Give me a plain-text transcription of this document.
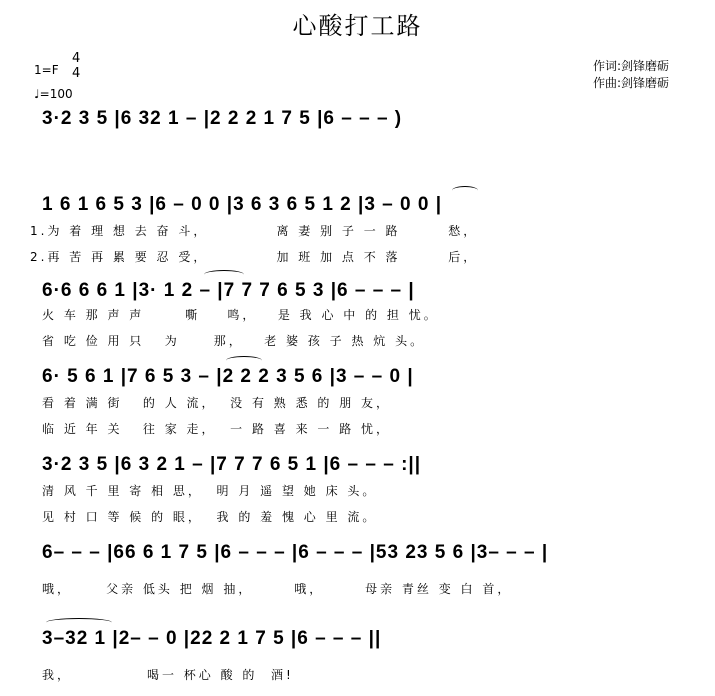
心酸打工路
1=F
4
4
♩=100
作词:剑锋磨砺
作曲:剑锋磨砺
3·2 3 5 |6 32 1 – |2 2 2 1 7 5 |6 – – – )
1 6 1 6 5 3 |6 – 0 0 |3 6 3 6 5 1 2 |3 – 0 0 |
1.为 着 理 想 去 奋 斗，          离 妻 别 子 一 路       愁，
2.再 苦 再 累 要 忍 受，          加 班 加 点 不 落       后，
6·6 6 6 1 |3· 1 2 – |7 7 7 6 5 3 |6 – – – |
火 车 那 声 声      嘶    鸣，   是 我 心 中 的 担 忧。
省 吃 俭 用 只   为     那，   老 婆 孩 子 热 炕 头。
6· 5 6 1 |7 6 5 3 – |2 2 2 3 5 6 |3 – – 0 |
看 着 满 街   的 人 流，  没 有 熟 悉 的 朋 友，
临 近 年 关   往 家 走，  一 路 喜 来 一 路 忧，
3·2 3 5 |6 3 2 1 – |7 7 7 6 5 1 |6 – – – :||
清 风 千 里 寄 相 思，  明 月 遥 望 她 床 头。
见 村 口 等 候 的 眼，  我 的 羞 愧 心 里 流。
6– – – |66 6 1 7 5 |6 – – – |6 – – – |53 23 5 6 |3– – – |
哦，     父亲 低头 把 烟 抽，      哦，      母亲 青丝 变 白 首，
3–32 1 |2– – 0 |22 2 1 7 5 |6 – – – ||
我，           喝一 杯心 酸 的  酒!
